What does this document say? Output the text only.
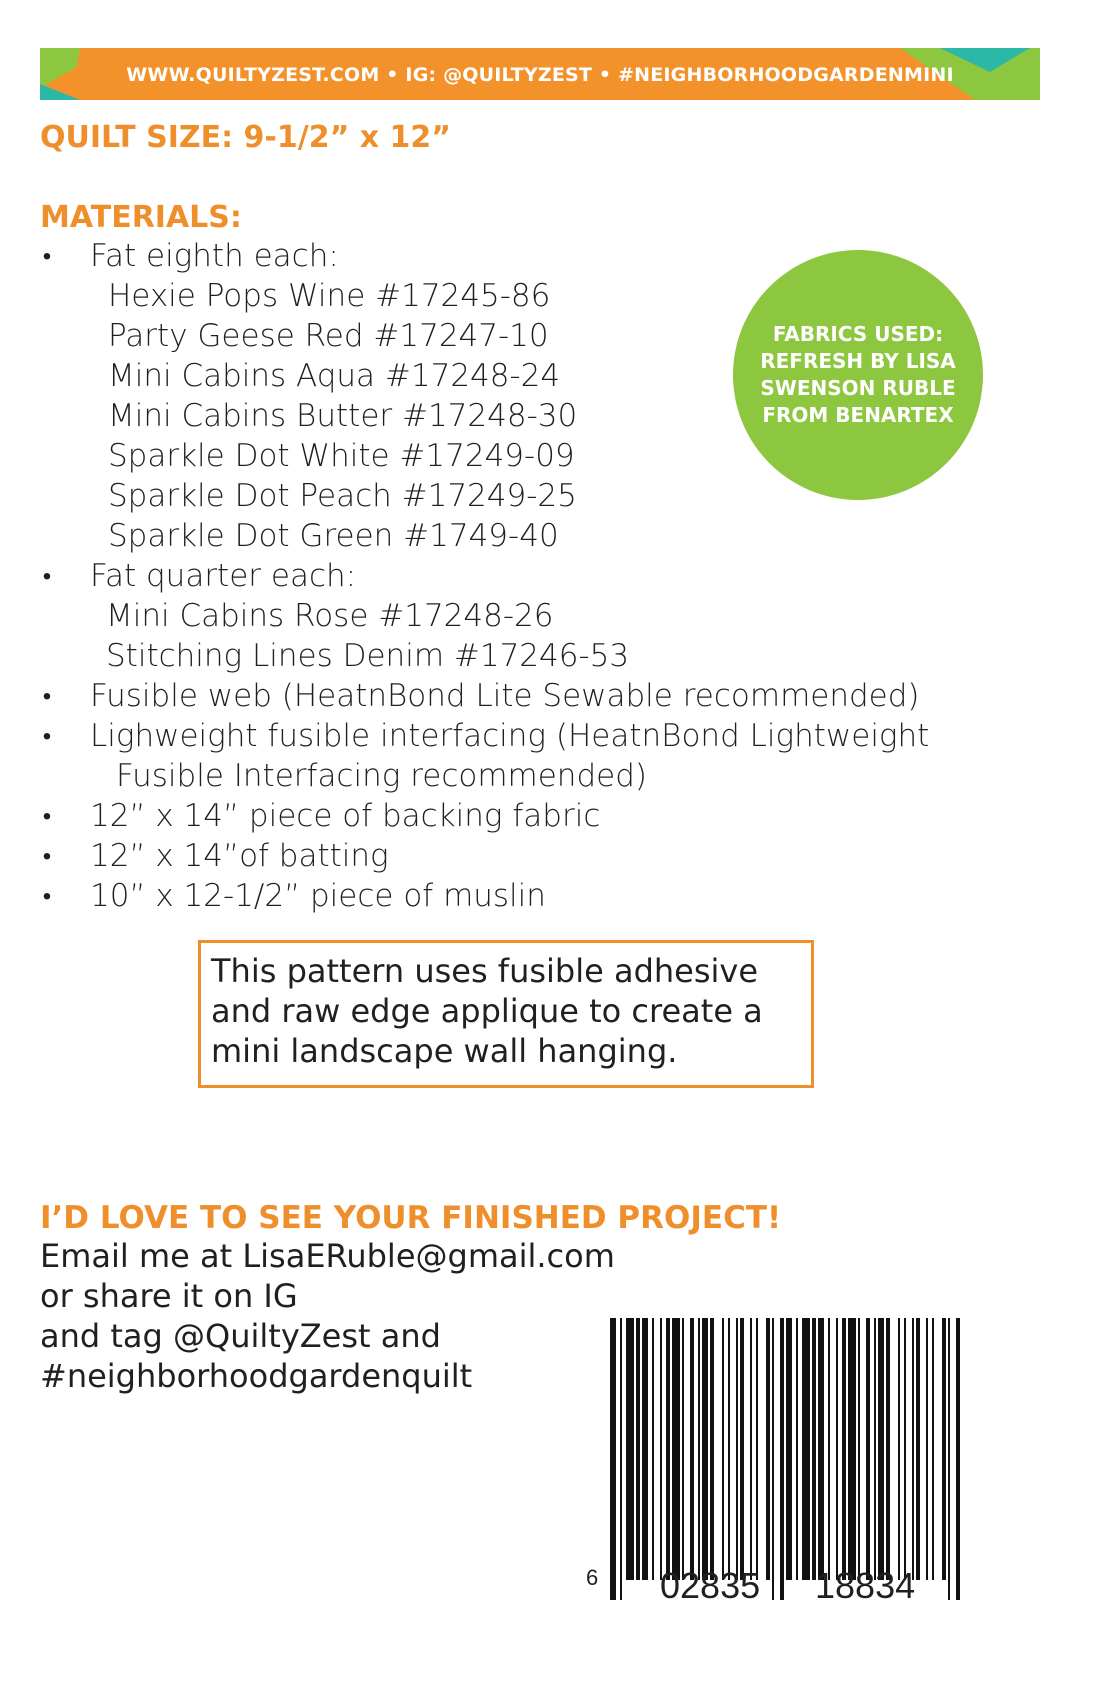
WWW.QUILTYZEST.COM • IG: @QUILTYZEST • #NEIGHBORHOODGARDENMINI
QUILT SIZE: 9-1/2” x 12”
MATERIALS:
• Fat eighth each:
Hexie Pops Wine #17245-86
Party Geese Red #17247-10
Mini Cabins Aqua #17248-24
Mini Cabins Butter #17248-30
Sparkle Dot White #17249-09
Sparkle Dot Peach #17249-25
Sparkle Dot Green #1749-40
• Fat quarter each:
Mini Cabins Rose #17248-26
Stitching Lines Denim #17246-53
• Fusible web (HeatnBond Lite Sewable recommended)
• Lighweight fusible interfacing (HeatnBond Lightweight
Fusible Interfacing recommended)
• 12” x 14” piece of backing fabric
• 12” x 14”of batting
• 10” x 12-1/2” piece of muslin
FABRICS USED:
REFRESH BY LISA
SWENSON RUBLE
FROM BENARTEX
This pattern uses fusible adhesive and raw edge applique to create a mini landscape wall hanging.
I’D LOVE TO SEE YOUR FINISHED PROJECT!
Email me at LisaERuble@gmail.com
or share it on IG
and tag @QuiltyZest and
#neighborhoodgardenquilt
6 02835 18834
